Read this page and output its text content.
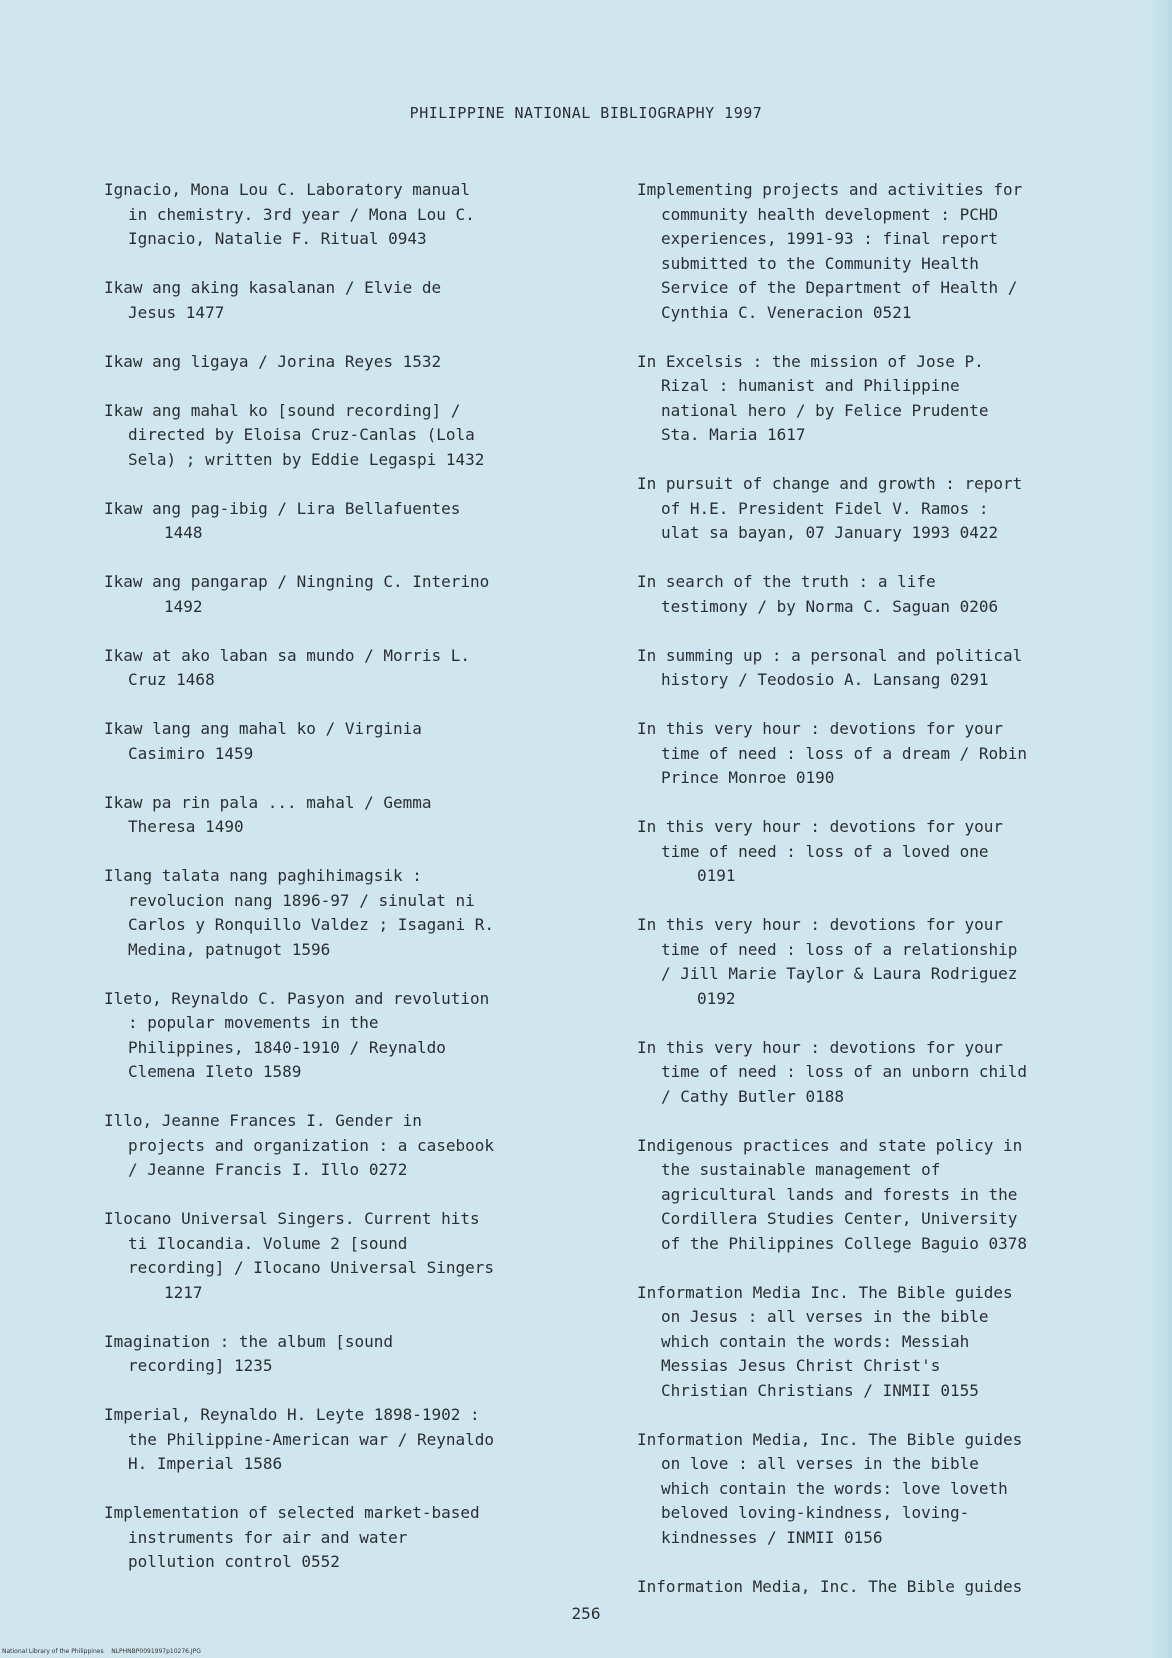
PHILIPPINE NATIONAL BIBLIOGRAPHY 1997
Ignacio, Mona Lou C. Laboratory manual
in chemistry. 3rd year / Mona Lou C.
Ignacio, Natalie F. Ritual 0943
Ikaw ang aking kasalanan / Elvie de
Jesus 1477
Ikaw ang ligaya / Jorina Reyes 1532
Ikaw ang mahal ko [sound recording] /
directed by Eloisa Cruz-Canlas (Lola
Sela) ; written by Eddie Legaspi 1432
Ikaw ang pag-ibig / Lira Bellafuentes
1448
Ikaw ang pangarap / Ningning C. Interino
1492
Ikaw at ako laban sa mundo / Morris L.
Cruz 1468
Ikaw lang ang mahal ko / Virginia
Casimiro 1459
Ikaw pa rin pala ... mahal / Gemma
Theresa 1490
Ilang talata nang paghihimagsik :
revolucion nang 1896-97 / sinulat ni
Carlos y Ronquillo Valdez ; Isagani R.
Medina, patnugot 1596
Ileto, Reynaldo C. Pasyon and revolution
: popular movements in the
Philippines, 1840-1910 / Reynaldo
Clemena Ileto 1589
Illo, Jeanne Frances I. Gender in
projects and organization : a casebook
/ Jeanne Francis I. Illo 0272
Ilocano Universal Singers. Current hits
ti Ilocandia. Volume 2 [sound
recording] / Ilocano Universal Singers
1217
Imagination : the album [sound
recording] 1235
Imperial, Reynaldo H. Leyte 1898-1902 :
the Philippine-American war / Reynaldo
H. Imperial 1586
Implementation of selected market-based
instruments for air and water
pollution control 0552
Implementing projects and activities for
community health development : PCHD
experiences, 1991-93 : final report
submitted to the Community Health
Service of the Department of Health /
Cynthia C. Veneracion 0521
In Excelsis : the mission of Jose P.
Rizal : humanist and Philippine
national hero / by Felice Prudente
Sta. Maria 1617
In pursuit of change and growth : report
of H.E. President Fidel V. Ramos :
ulat sa bayan, 07 January 1993 0422
In search of the truth : a life
testimony / by Norma C. Saguan 0206
In summing up : a personal and political
history / Teodosio A. Lansang 0291
In this very hour : devotions for your
time of need : loss of a dream / Robin
Prince Monroe 0190
In this very hour : devotions for your
time of need : loss of a loved one
0191
In this very hour : devotions for your
time of need : loss of a relationship
/ Jill Marie Taylor & Laura Rodriguez
0192
In this very hour : devotions for your
time of need : loss of an unborn child
/ Cathy Butler 0188
Indigenous practices and state policy in
the sustainable management of
agricultural lands and forests in the
Cordillera Studies Center, University
of the Philippines College Baguio 0378
Information Media Inc. The Bible guides
on Jesus : all verses in the bible
which contain the words: Messiah
Messias Jesus Christ Christ's
Christian Christians / INMII 0155
Information Media, Inc. The Bible guides
on love : all verses in the bible
which contain the words: love loveth
beloved loving-kindness, loving-
kindnesses / INMII 0156
Information Media, Inc. The Bible guides
256
National Library of the Philippines    NLPHNBP0091997p10276.JPG
